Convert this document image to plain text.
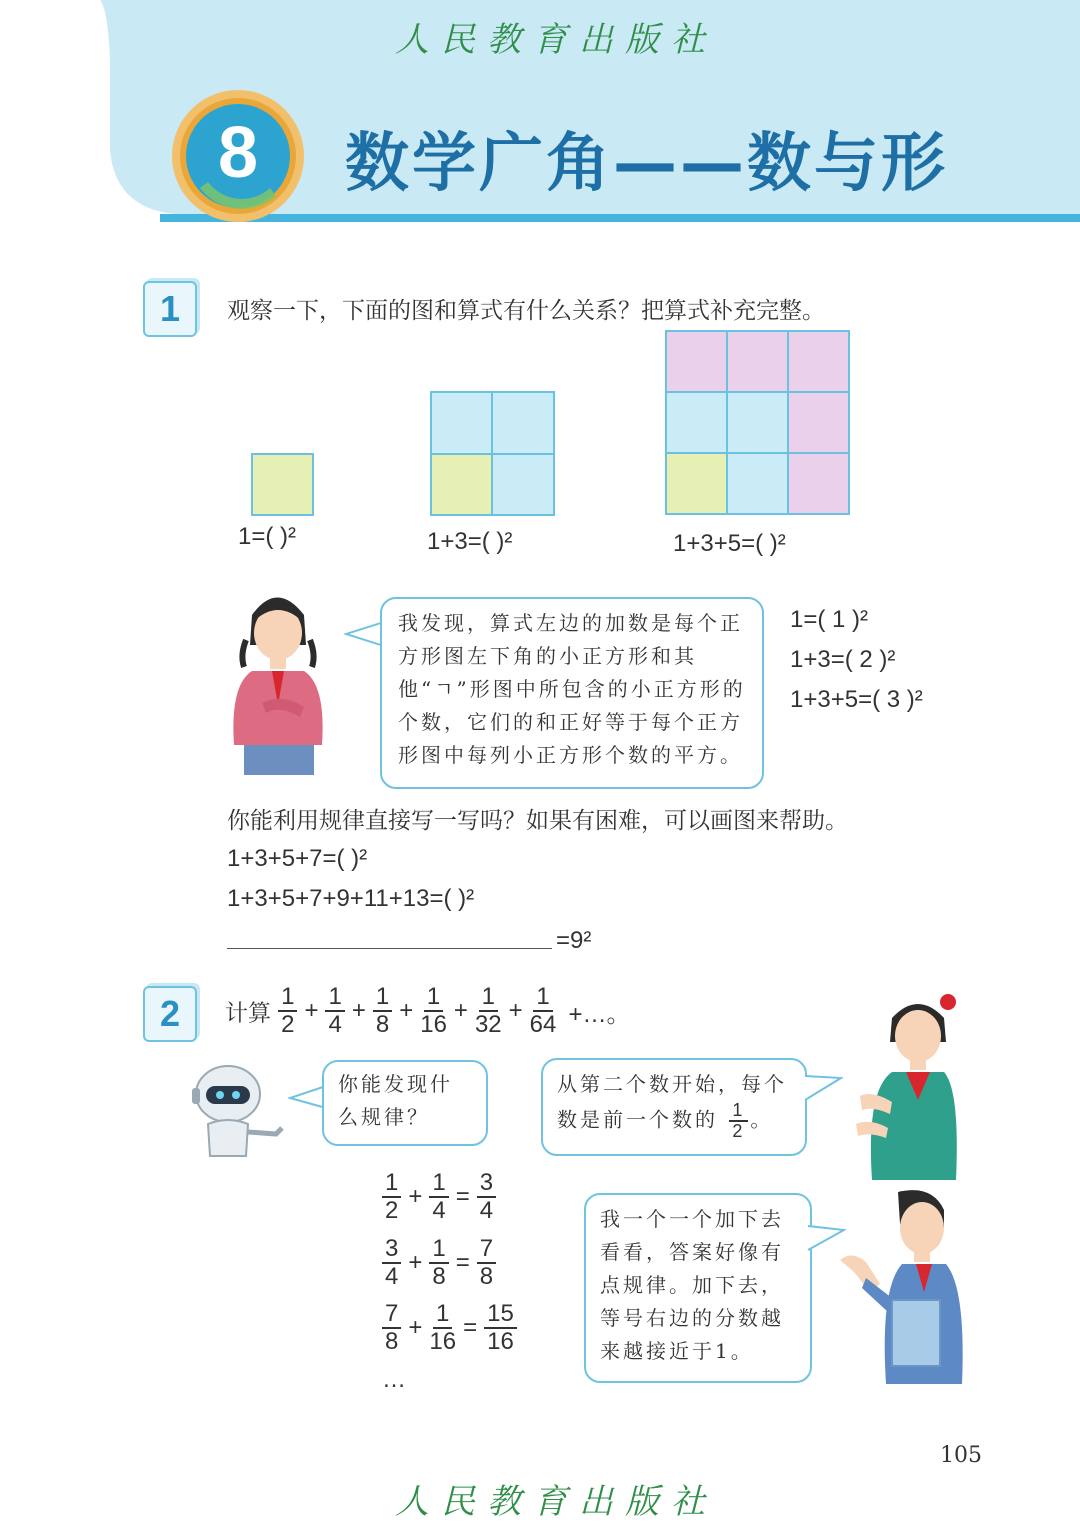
人民教育出版社
8	数学广角——数与形
1	观察一下，下面的图和算式有什么关系？把算式补充完整。
1=( )²	1+3=( )²	1+3+5=( )²
我发现，算式左边的加数是每个正方形图左下角的小正方形和其他“ㄱ”形图中所包含的小正方形的个数，它们的和正好等于每个正方形图中每列小正方形个数的平方。
1=( 1 )²
1+3=( 2 )²
1+3+5=( 3 )²
你能利用规律直接写一写吗？如果有困难，可以画图来帮助。
1+3+5+7=( )²
1+3+5+7+9+11+13=( )²
=9²
2	计算 $\frac{1}{2} + \frac{1}{4} + \frac{1}{8} + \frac{1}{16} + \frac{1}{32} + \frac{1}{64}$ +…。
你能发现什么规律？
从第二个数开始，每个数是前一个数的 $\frac{1}{2}$ 。
$\frac{1}{2} + \frac{1}{4} = \frac{3}{4}$
$\frac{3}{4} + \frac{1}{8} = \frac{7}{8}$
$\frac{7}{8} + \frac{1}{16} = \frac{15}{16}$
…
我一个一个加下去看看，答案好像有点规律。加下去，等号右边的分数越来越接近于1。
105
人民教育出版社
